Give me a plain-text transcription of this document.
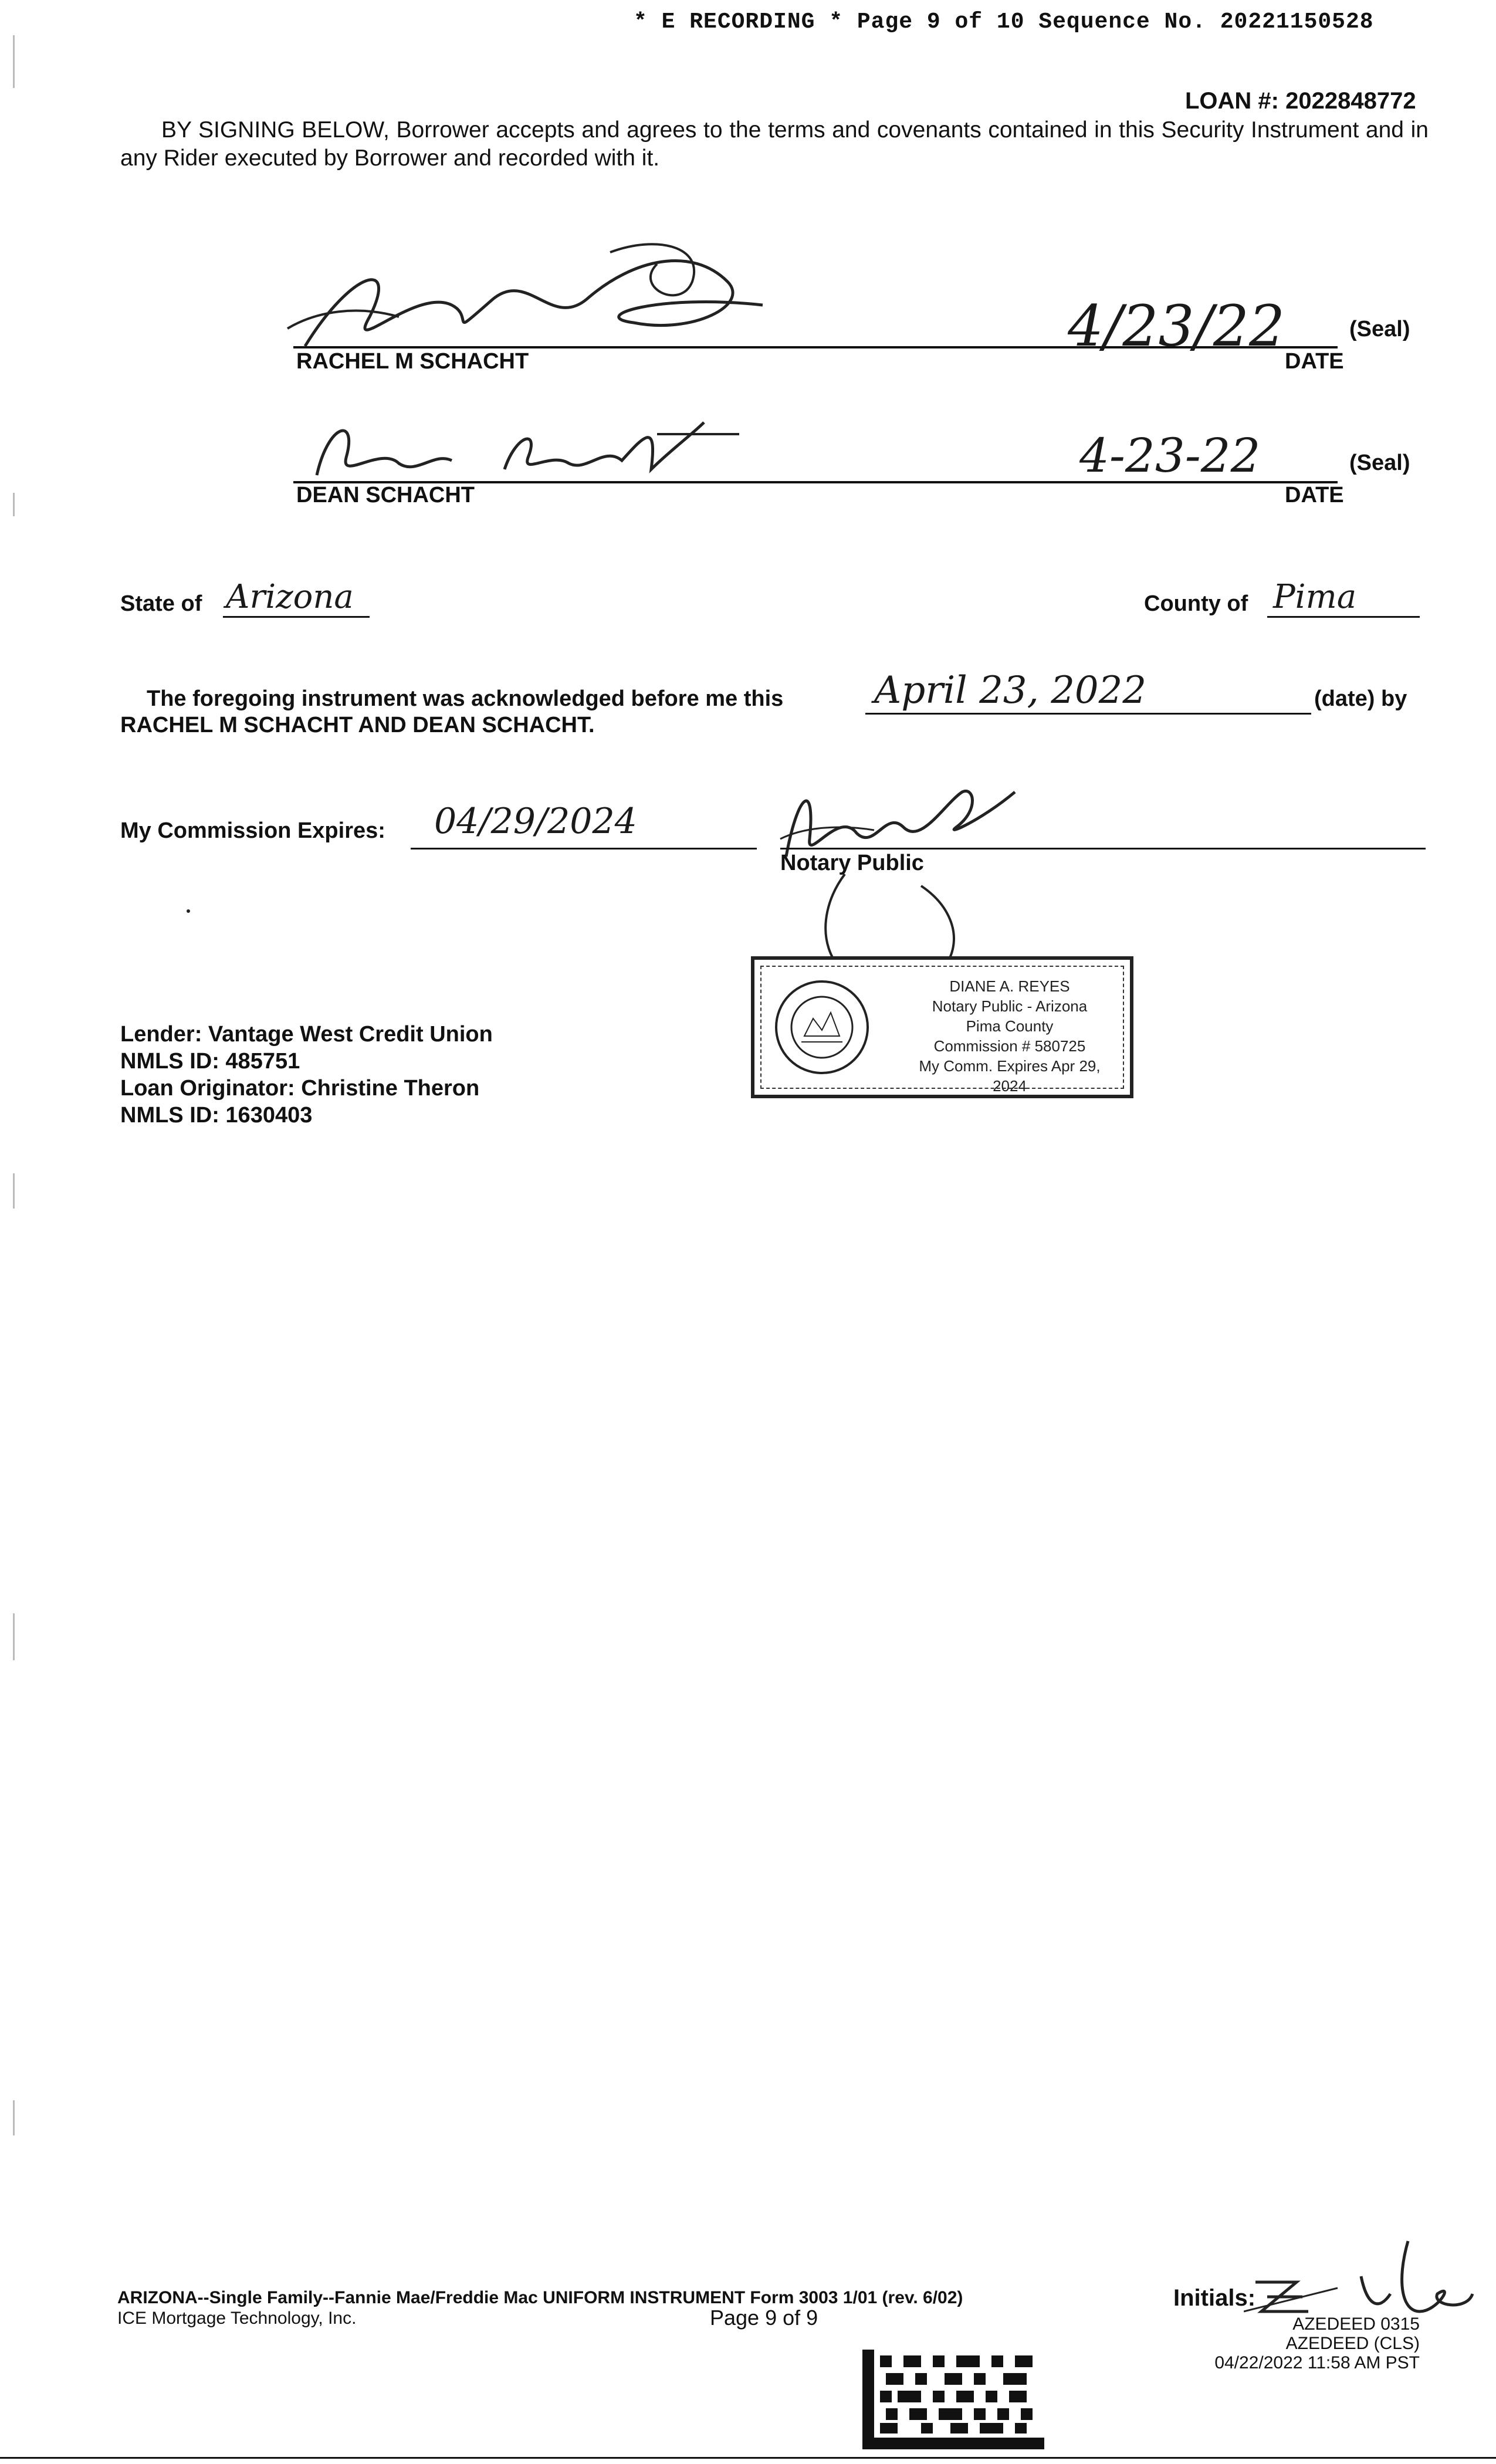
* E RECORDING * Page 9 of 10 Sequence No. 20221150528
LOAN #: 2022848772
BY SIGNING BELOW, Borrower accepts and agrees to the terms and covenants contained in this Security Instrument and in any Rider executed by Borrower and recorded with it.
RACHEL M SCHACHT
4/23/22	(Seal)
DATE
DEAN SCHACHT
4-23-22	(Seal)
DATE
State of Arizona	County of Pima
The foregoing instrument was acknowledged before me this April 23, 2022	(date) by
RACHEL M SCHACHT AND DEAN SCHACHT.
My Commission Expires: 04/29/2024
Notary Public
DIANE A. REYES
Notary Public - Arizona
Pima County
Commission # 580725
My Comm. Expires Apr 29, 2024
Lender: Vantage West Credit Union
NMLS ID: 485751
Loan Originator: Christine Theron
NMLS ID: 1630403
ARIZONA--Single Family--Fannie Mae/Freddie Mac UNIFORM INSTRUMENT Form 3003 1/01 (rev. 6/02)
ICE Mortgage Technology, Inc.	Page 9 of 9
Initials:
AZEDEED 0315
AZEDEED (CLS)
04/22/2022 11:58 AM PST
